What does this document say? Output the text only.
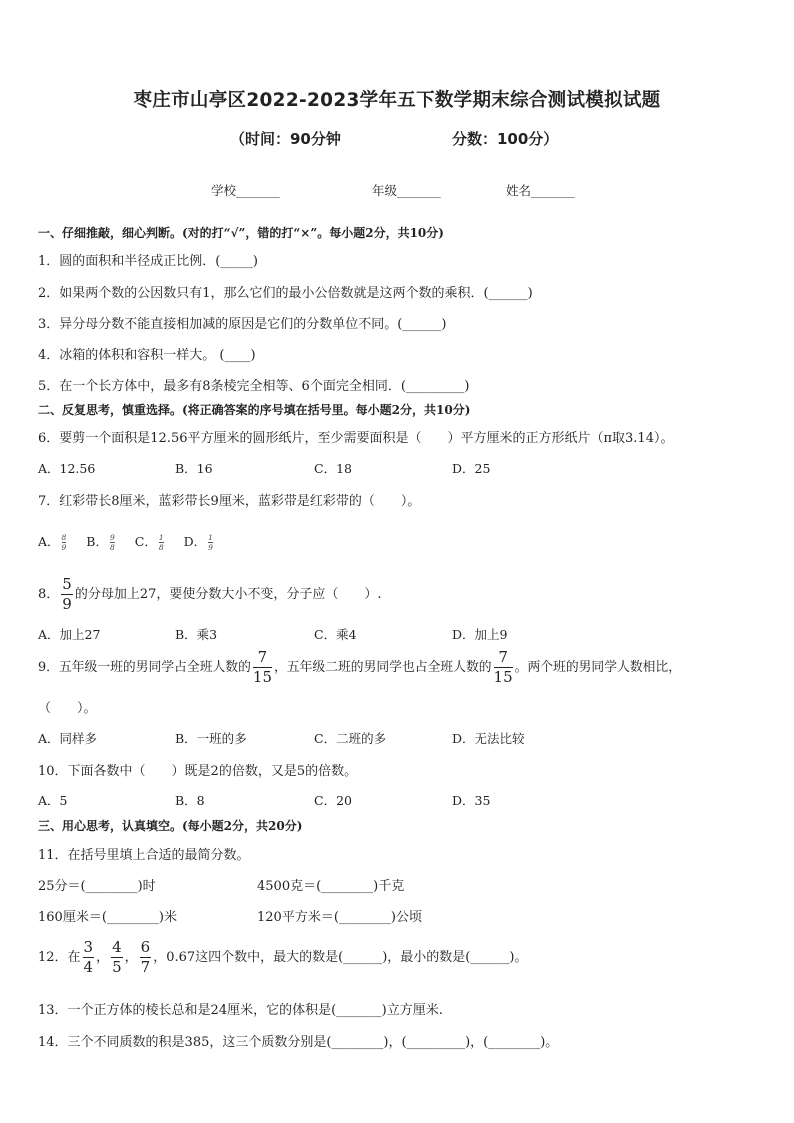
枣庄市山亭区2022-2023学年五下数学期末综合测试模拟试题
（时间：90分钟	分数：100分）
学校_______	年级_______	姓名_______
一、仔细推敲，细心判断。(对的打“√”，错的打“×”。每小题2分，共10分)
1．圆的面积和半径成正比例．(_____)
2．如果两个数的公因数只有1，那么它们的最小公倍数就是这两个数的乘积．(______)
3．异分母分数不能直接相加减的原因是它们的分数单位不同。(______)
4．冰箱的体积和容积一样大。 (____)
5．在一个长方体中，最多有8条棱完全相等、6个面完全相同．(_________)
二、反复思考，慎重选择。(将正确答案的序号填在括号里。每小题2分，共10分)
6．要剪一个面积是12.56平方厘米的圆形纸片，至少需要面积是（　　）平方厘米的正方形纸片（π取3.14）。
A．12.56	B．16	C．18	D．25
7．红彩带长8厘米，蓝彩带长9厘米，蓝彩带是红彩带的（　　）。
A． $\frac{8}{9}$ B． $\frac{9}{8}$ C． $\frac{1}{8}$ D． $\frac{1}{9}$
8． $\frac{5}{9}$ 的分母加上27，要使分数大小不变，分子应（　　）.
A．加上27	B．乘3	C．乘4	D．加上9
9．五年级一班的男同学占全班人数的 $\frac{7}{15}$ ，五年级二班的男同学也占全班人数的 $\frac{7}{15}$ 。两个班的男同学人数相比，
（　　）。
A．同样多	B．一班的多	C．二班的多	D．无法比较
10．下面各数中（　　）既是2的倍数，又是5的倍数。
A．5	B．8	C．20	D．35
三、用心思考，认真填空。(每小题2分，共20分)
11．在括号里填上合适的最简分数。
25分＝(________)时	4500克＝(________)千克
160厘米＝(________)米	120平方米＝(________)公顷
12．在 $\frac{3}{4}$ ， $\frac{4}{5}$ ， $\frac{6}{7}$ ，0.67这四个数中，最大的数是(______)，最小的数是(______)。
13．一个正方体的棱长总和是24厘米，它的体积是(_______)立方厘米.
14．三个不同质数的积是385，这三个质数分别是(________)，(_________)，(________)。
